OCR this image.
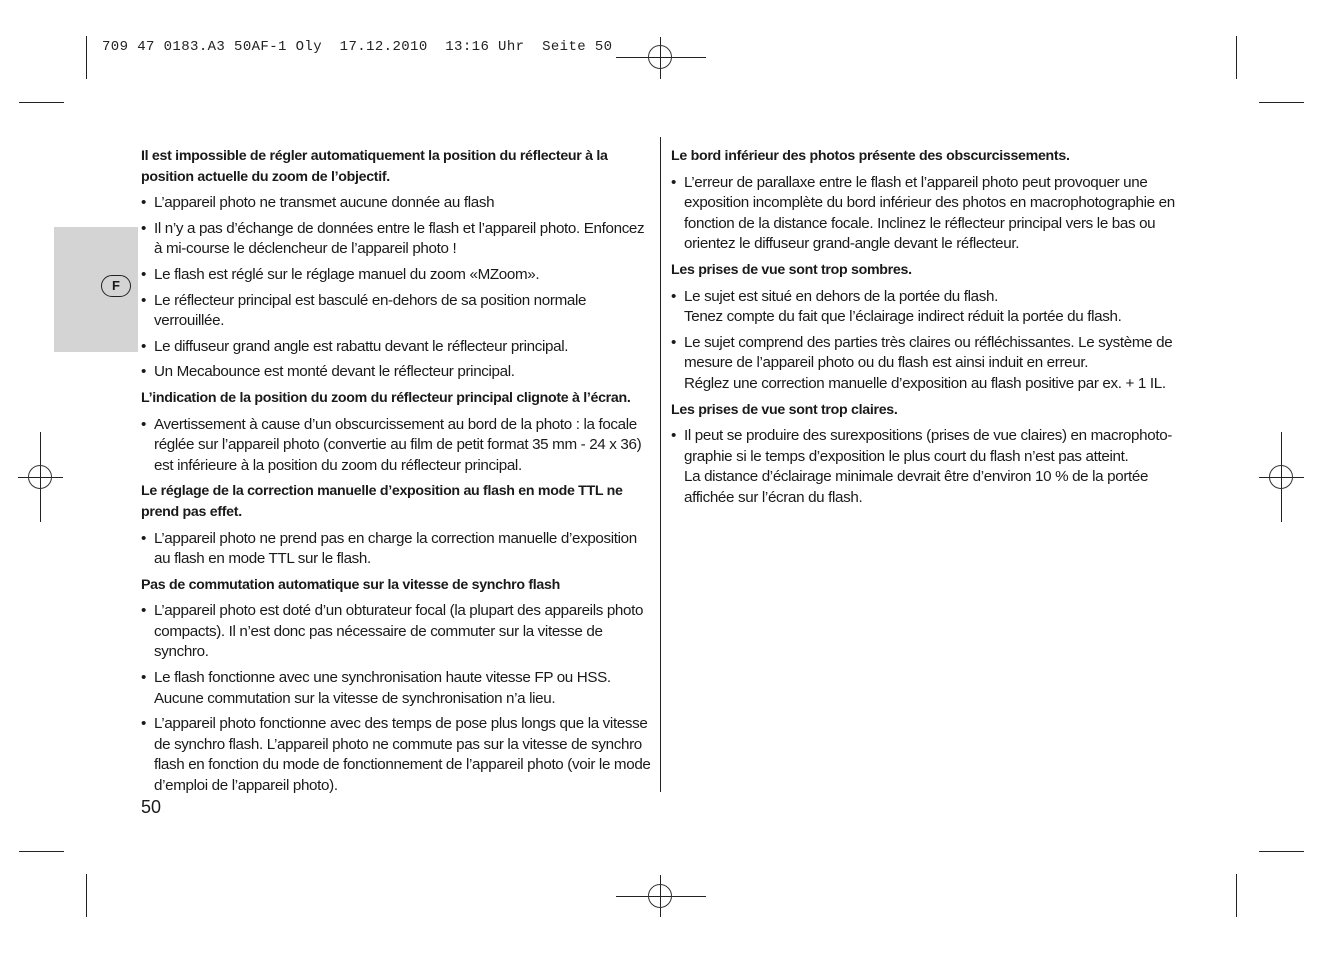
709 47 0183.A3 50AF-1 Oly  17.12.2010  13:16 Uhr  Seite 50
F
Il est impossible de régler automatiquement la position du réflecteur à la position actuelle du zoom de l’objectif.
• L’appareil photo ne transmet aucune donnée au flash
• Il n’y a pas d’échange de données entre le flash et l’appareil photo. Enfoncez à mi-course le déclencheur de l’appareil photo !
• Le flash est réglé sur le réglage manuel du zoom «MZoom».
• Le réflecteur principal est basculé en-dehors de sa position normale verrouillée.
• Le diffuseur grand angle est rabattu devant le réflecteur principal.
• Un Mecabounce est monté devant le réflecteur principal.
L’indication de la position du zoom du réflecteur principal clignote à l’écran.
• Avertissement à cause d’un obscurcissement au bord de la photo : la focale réglée sur l’appareil photo (convertie au film de petit format 35 mm - 24 x 36) est inférieure à la position du zoom du réflecteur principal.
Le réglage de la correction manuelle d’exposition au flash en mode TTL ne prend pas effet.
• L’appareil photo ne prend pas en charge la correction manuelle d’exposition au flash en mode TTL sur le flash.
Pas de commutation automatique sur la vitesse de synchro flash
• L’appareil photo est doté d’un obturateur focal (la plupart des appareils photo compacts). Il n’est donc pas nécessaire de commuter sur la vitesse de synchro.
• Le flash fonctionne avec une synchronisation haute vitesse FP ou HSS.
Aucune commutation sur la vitesse de synchronisation n’a lieu.
• L’appareil photo fonctionne avec des temps de pose plus longs que la vitesse de synchro flash. L’appareil photo ne commute pas sur la vitesse de synchro flash en fonction du mode de fonctionnement de l’appareil photo (voir le mode d’emploi de l’appareil photo).
Le bord inférieur des photos présente des obscurcissements.
• L’erreur de parallaxe entre le flash et l’appareil photo peut provoquer une exposition incomplète du bord inférieur des photos en macrophotographie en fonction de la distance focale. Inclinez le réflecteur principal vers le bas ou orientez le diffuseur grand-angle devant le réflecteur.
Les prises de vue sont trop sombres.
• Le sujet est situé en dehors de la portée du flash.
Tenez compte du fait que l’éclairage indirect réduit la portée du flash.
• Le sujet comprend des parties très claires ou réfléchissantes. Le système de mesure de l’appareil photo ou du flash est ainsi induit en erreur.
Réglez une correction manuelle d’exposition au flash positive par ex. + 1 IL.
Les prises de vue sont trop claires.
• Il peut se produire des surexpositions (prises de vue claires) en macrophoto-graphie si le temps d’exposition le plus court du flash n’est pas atteint.
La distance d’éclairage minimale devrait être d’environ 10 % de la portée affichée sur l’écran du flash.
50
